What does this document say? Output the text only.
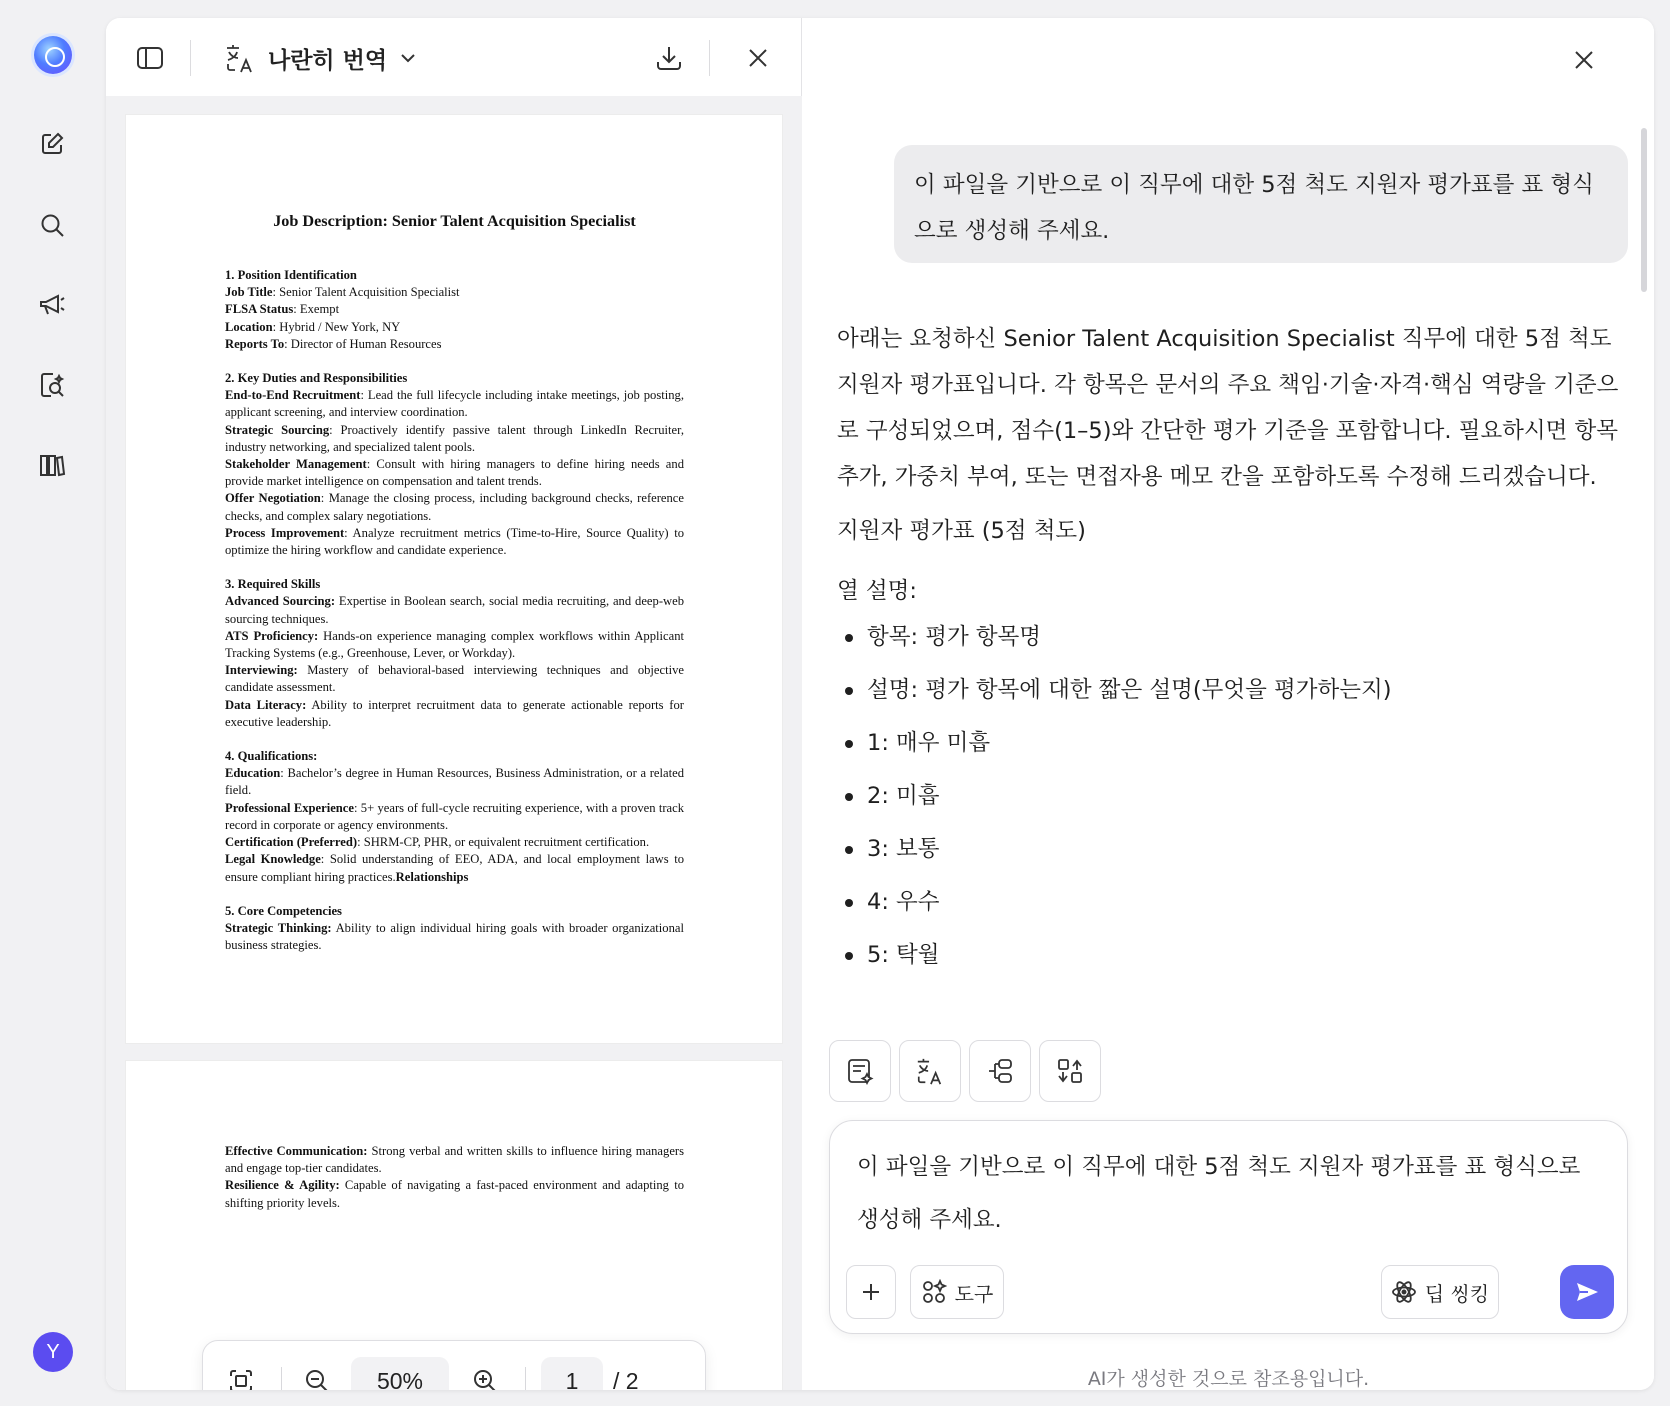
Y
나란히 번역
Job Description: Senior Talent Acquisition Specialist
1. Position Identification
Job Title: Senior Talent Acquisition Specialist
FLSA Status: Exempt
Location: Hybrid / New York, NY
Reports To: Director of Human Resources
2. Key Duties and Responsibilities
End-to-End Recruitment: Lead the full lifecycle including intake meetings, job posting, applicant screening, and interview coordination.
Strategic Sourcing: Proactively identify passive talent through LinkedIn Recruiter, industry networking, and specialized talent pools.
Stakeholder Management: Consult with hiring managers to define hiring needs and provide market intelligence on compensation and talent trends.
Offer Negotiation: Manage the closing process, including background checks, reference checks, and complex salary negotiations.
Process Improvement: Analyze recruitment metrics (Time-to-Hire, Source Quality) to optimize the hiring workflow and candidate experience.
3. Required Skills
Advanced Sourcing: Expertise in Boolean search, social media recruiting, and deep-web sourcing techniques.
ATS Proficiency: Hands-on experience managing complex workflows within Applicant Tracking Systems (e.g., Greenhouse, Lever, or Workday).
Interviewing: Mastery of behavioral-based interviewing techniques and objective candidate assessment.
Data Literacy: Ability to interpret recruitment data to generate actionable reports for executive leadership.
4. Qualifications:
Education: Bachelor’s degree in Human Resources, Business Administration, or a related field.
Professional Experience: 5+ years of full-cycle recruiting experience, with a proven track record in corporate or agency environments.
Certification (Preferred): SHRM-CP, PHR, or equivalent recruitment certification.
Legal Knowledge: Solid understanding of EEO, ADA, and local employment laws to ensure compliant hiring practices.Relationships
5. Core Competencies
Strategic Thinking: Ability to align individual hiring goals with broader organizational business strategies.
Effective Communication: Strong verbal and written skills to influence hiring managers and engage top-tier candidates.
Resilience & Agility: Capable of navigating a fast-paced environment and adapting to shifting priority levels.
50%	1	/ 2
이 파일을 기반으로 이 직무에 대한 5점 척도 지원자 평가표를 표 형식으로 생성해 주세요.
아래는 요청하신 Senior Talent Acquisition Specialist 직무에 대한 5점 척도 지원자 평가표입니다. 각 항목은 문서의 주요 책임·기술·자격·핵심 역량을 기준으로 구성되었으며, 점수(1–5)와 간단한 평가 기준을 포함합니다. 필요하시면 항목 추가, 가중치 부여, 또는 면접자용 메모 칸을 포함하도록 수정해 드리겠습니다.
지원자 평가표 (5점 척도)
열 설명:
항목: 평가 항목명
설명: 평가 항목에 대한 짧은 설명(무엇을 평가하는지)
1: 매우 미흡
2: 미흡
3: 보통
4: 우수
5: 탁월
이 파일을 기반으로 이 직무에 대한 5점 척도 지원자 평가표를 표 형식으로 생성해 주세요.
도구	딥 씽킹
AI가 생성한 것으로 참조용입니다.
